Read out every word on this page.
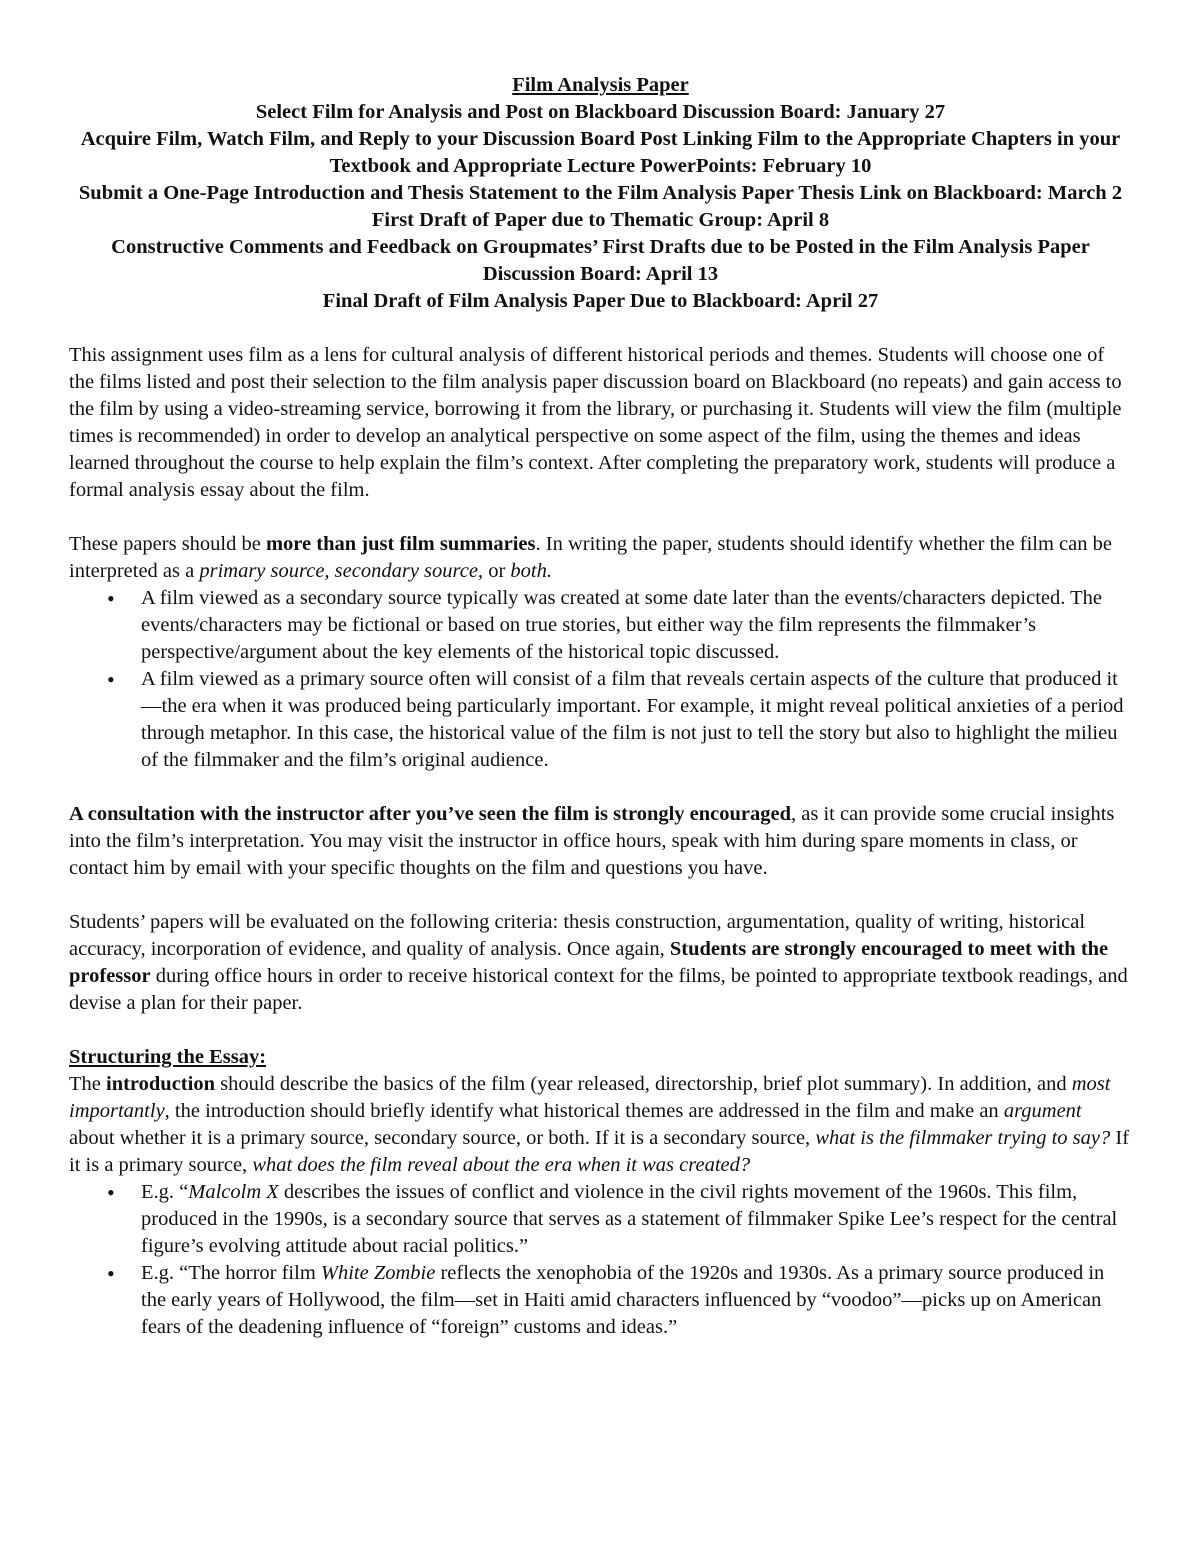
Film Analysis Paper
Select Film for Analysis and Post on Blackboard Discussion Board: January 27
Acquire Film, Watch Film, and Reply to your Discussion Board Post Linking Film to the Appropriate Chapters in your Textbook and Appropriate Lecture PowerPoints: February 10
Submit a One-Page Introduction and Thesis Statement to the Film Analysis Paper Thesis Link on Blackboard: March 2
First Draft of Paper due to Thematic Group: April 8
Constructive Comments and Feedback on Groupmates’ First Drafts due to be Posted in the Film Analysis Paper Discussion Board: April 13
Final Draft of Film Analysis Paper Due to Blackboard: April 27

This assignment uses film as a lens for cultural analysis of different historical periods and themes. Students will choose one of the films listed and post their selection to the film analysis paper discussion board on Blackboard (no repeats) and gain access to the film by using a video-streaming service, borrowing it from the library, or purchasing it. Students will view the film (multiple times is recommended) in order to develop an analytical perspective on some aspect of the film, using the themes and ideas learned throughout the course to help explain the film’s context. After completing the preparatory work, students will produce a formal analysis essay about the film.

These papers should be more than just film summaries. In writing the paper, students should identify whether the film can be interpreted as a primary source, secondary source, or both.

• A film viewed as a secondary source typically was created at some date later than the events/characters depicted. The events/characters may be fictional or based on true stories, but either way the film represents the filmmaker’s perspective/argument about the key elements of the historical topic discussed.
• A film viewed as a primary source often will consist of a film that reveals certain aspects of the culture that produced it—the era when it was produced being particularly important. For example, it might reveal political anxieties of a period through metaphor. In this case, the historical value of the film is not just to tell the story but also to highlight the milieu of the filmmaker and the film’s original audience.

A consultation with the instructor after you’ve seen the film is strongly encouraged, as it can provide some crucial insights into the film’s interpretation. You may visit the instructor in office hours, speak with him during spare moments in class, or contact him by email with your specific thoughts on the film and questions you have.

Students’ papers will be evaluated on the following criteria: thesis construction, argumentation, quality of writing, historical accuracy, incorporation of evidence, and quality of analysis. Once again, Students are strongly encouraged to meet with the professor during office hours in order to receive historical context for the films, be pointed to appropriate textbook readings, and devise a plan for their paper.

Structuring the Essay:

The introduction should describe the basics of the film (year released, directorship, brief plot summary). In addition, and most importantly, the introduction should briefly identify what historical themes are addressed in the film and make an argument about whether it is a primary source, secondary source, or both. If it is a secondary source, what is the filmmaker trying to say? If it is a primary source, what does the film reveal about the era when it was created?

• E.g. “Malcolm X describes the issues of conflict and violence in the civil rights movement of the 1960s. This film, produced in the 1990s, is a secondary source that serves as a statement of filmmaker Spike Lee’s respect for the central figure’s evolving attitude about racial politics.”
• E.g. “The horror film White Zombie reflects the xenophobia of the 1920s and 1930s. As a primary source produced in the early years of Hollywood, the film—set in Haiti amid characters influenced by “voodoo”—picks up on American fears of the deadening influence of “foreign” customs and ideas.”
